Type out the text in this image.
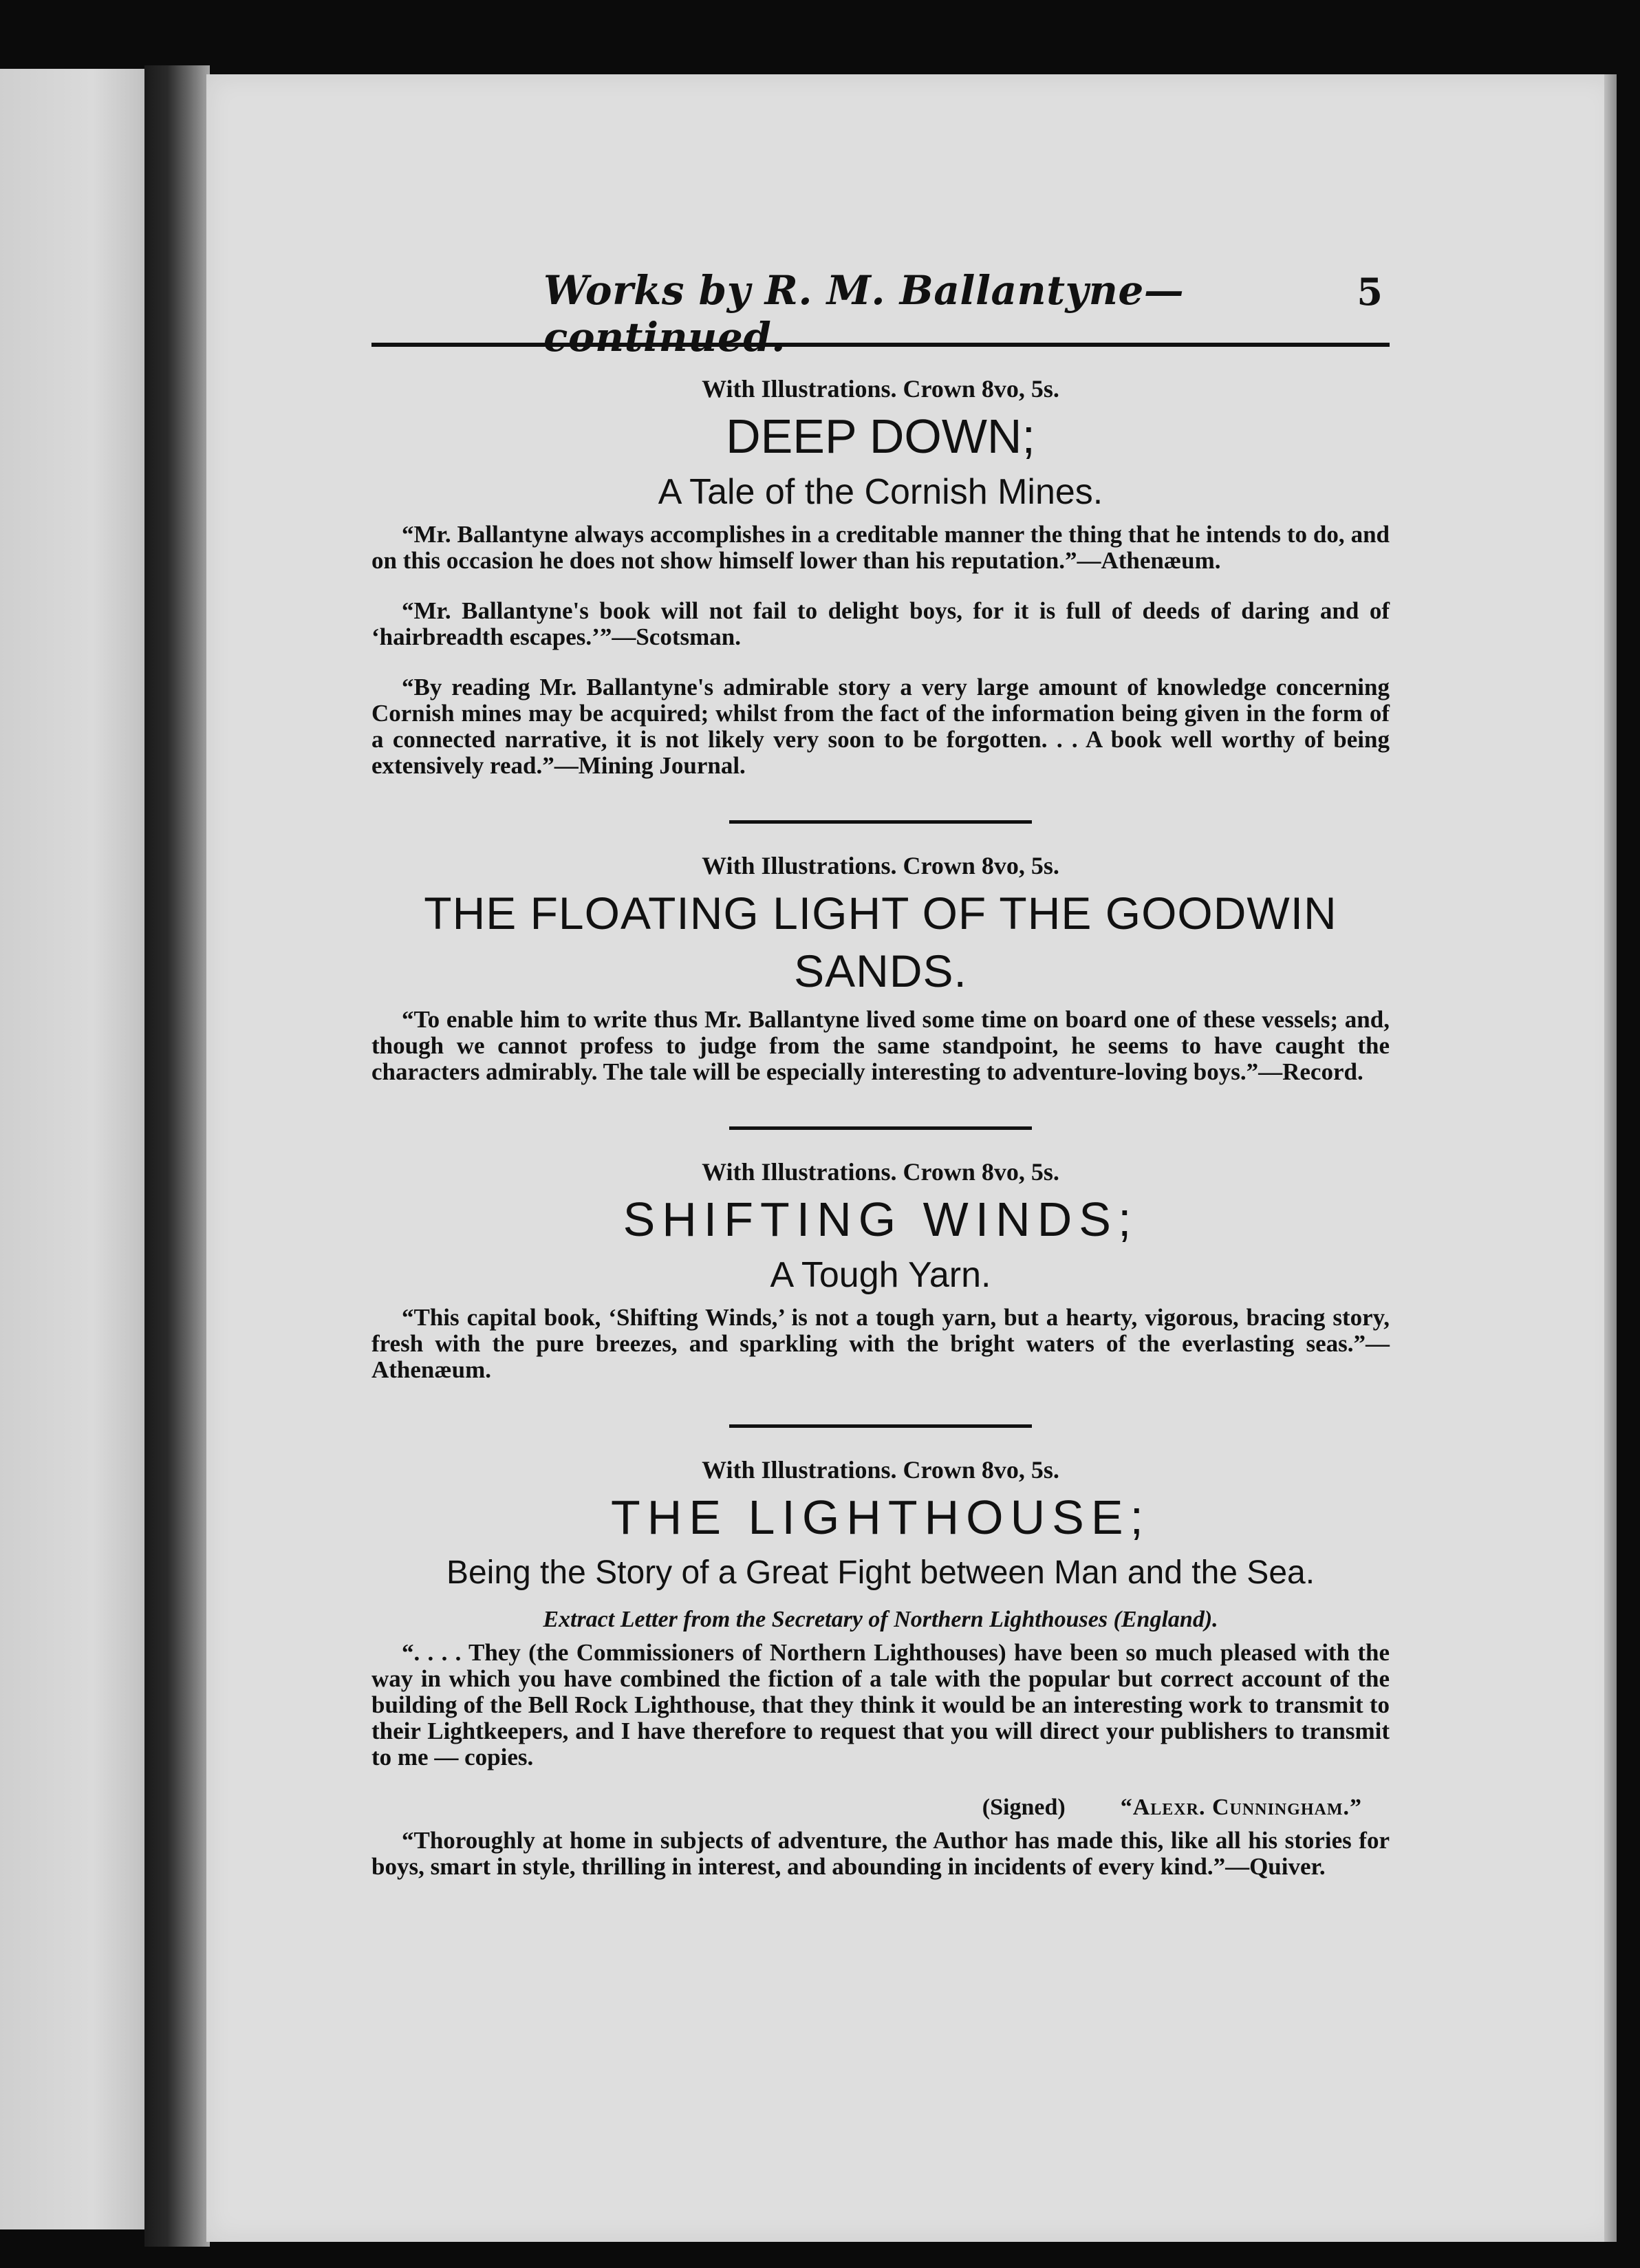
Works by R. M. Ballantyne—continued.
5
With Illustrations. Crown 8vo, 5s.
DEEP DOWN;
A Tale of the Cornish Mines.

“Mr. Ballantyne always accomplishes in a creditable manner the thing that he intends to do, and on this occasion he does not show himself lower than his reputation.”—Athenæum.

“Mr. Ballantyne's book will not fail to delight boys, for it is full of deeds of daring and of ‘hairbreadth escapes.’”—Scotsman.

“By reading Mr. Ballantyne's admirable story a very large amount of knowledge concerning Cornish mines may be acquired; whilst from the fact of the information being given in the form of a connected narrative, it is not likely very soon to be forgotten. . . A book well worthy of being extensively read.”—Mining Journal.

With Illustrations. Crown 8vo, 5s.
THE FLOATING LIGHT OF THE GOODWIN SANDS.

“To enable him to write thus Mr. Ballantyne lived some time on board one of these vessels; and, though we cannot profess to judge from the same standpoint, he seems to have caught the characters admirably. The tale will be especially interesting to adventure-loving boys.”—Record.

With Illustrations. Crown 8vo, 5s.
SHIFTING WINDS;
A Tough Yarn.

“This capital book, ‘Shifting Winds,’ is not a tough yarn, but a hearty, vigorous, bracing story, fresh with the pure breezes, and sparkling with the bright waters of the everlasting seas.”—Athenæum.

With Illustrations. Crown 8vo, 5s.
THE LIGHTHOUSE;
Being the Story of a Great Fight between Man and the Sea.
Extract Letter from the Secretary of Northern Lighthouses (England).

“. . . . They (the Commissioners of Northern Lighthouses) have been so much pleased with the way in which you have combined the fiction of a tale with the popular but correct account of the building of the Bell Rock Lighthouse, that they think it would be an interesting work to transmit to their Lightkeepers, and I have therefore to request that you will direct your publishers to transmit to me — copies.

(Signed) “Alexr. Cunningham.”

“Thoroughly at home in subjects of adventure, the Author has made this, like all his stories for boys, smart in style, thrilling in interest, and abounding in incidents of every kind.”—Quiver.
